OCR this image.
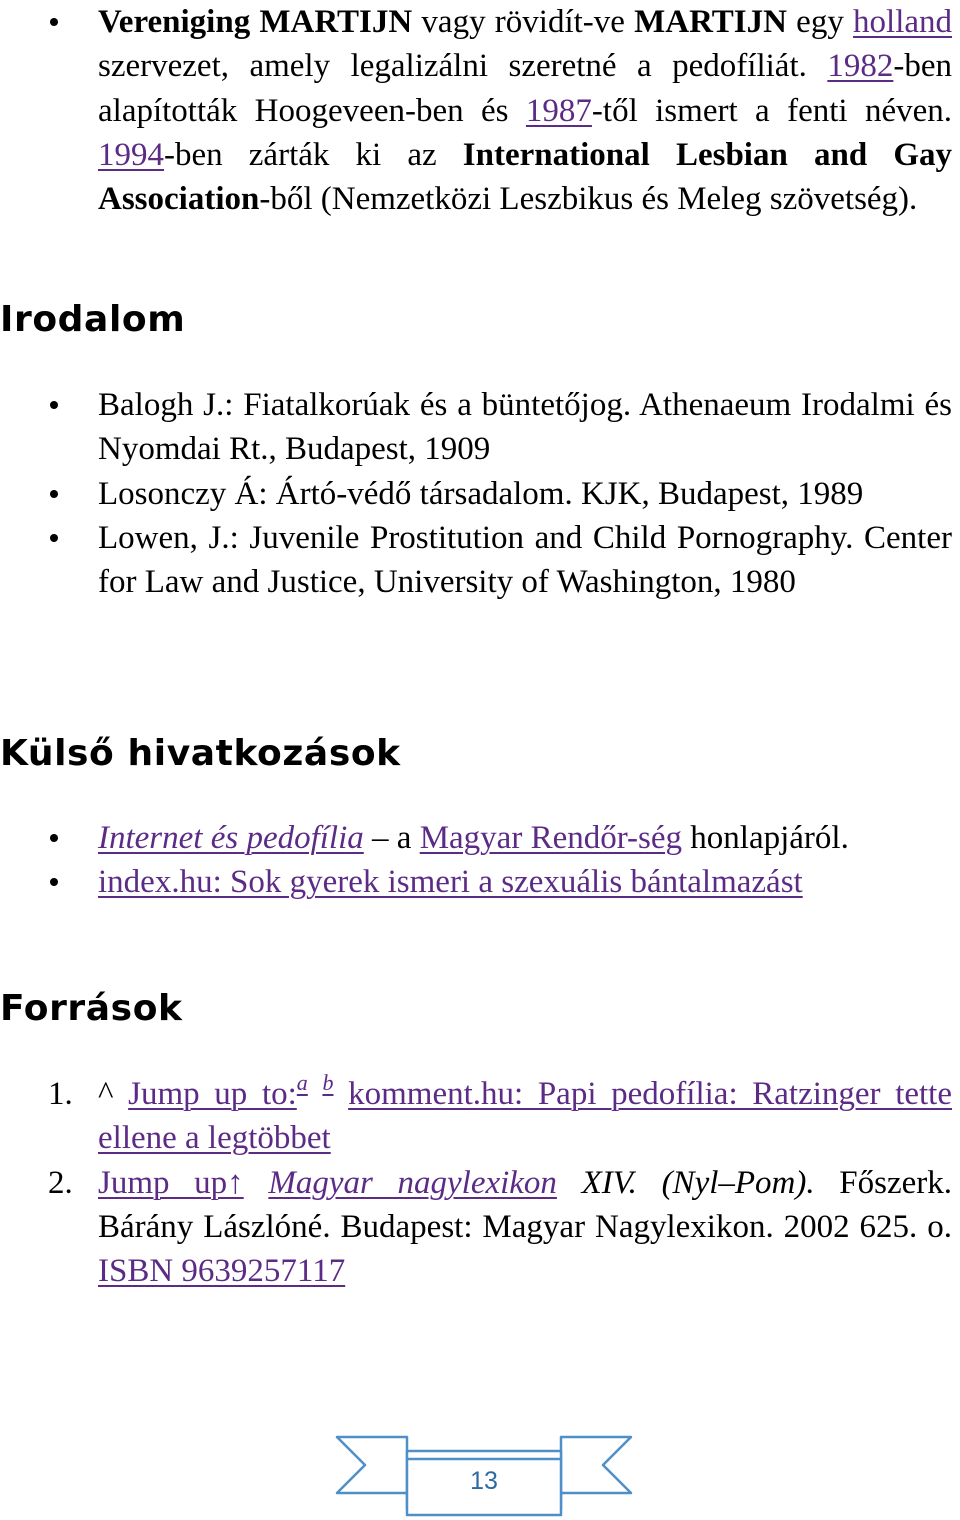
Vereniging MARTIJN vagy rövidít-ve MARTIJN egy holland szervezet, amely legalizálni szeretné a pedofíliát. 1982-ben alapították Hoogeveen-ben és 1987-től ismert a fenti néven. 1994-ben zárták ki az International Lesbian and Gay Association-ből (Nemzetközi Leszbikus és Meleg szövetség).
Irodalom
Balogh J.: Fiatalkorúak és a büntetőjog. Athenaeum Irodalmi és Nyomdai Rt., Budapest, 1909
Losonczy Á: Ártó-védő társadalom. KJK, Budapest, 1989
Lowen, J.: Juvenile Prostitution and Child Pornography. Center for Law and Justice, University of Washington, 1980
Külső hivatkozások
Internet és pedofília – a Magyar Rendőr-ség honlapjáról.
index.hu: Sok gyerek ismeri a szexuális bántalmazást
Források
1. ^ Jump up to:$^a$ $^b$ komment.hu: Papi pedofília: Ratzinger tette ellene a legtöbbet
2. Jump up↑ Magyar nagylexikon XIV. (Nyl–Pom). Főszerk. Bárány Lászlóné. Budapest: Magyar Nagylexikon. 2002 625. o. ISBN 9639257117
13
